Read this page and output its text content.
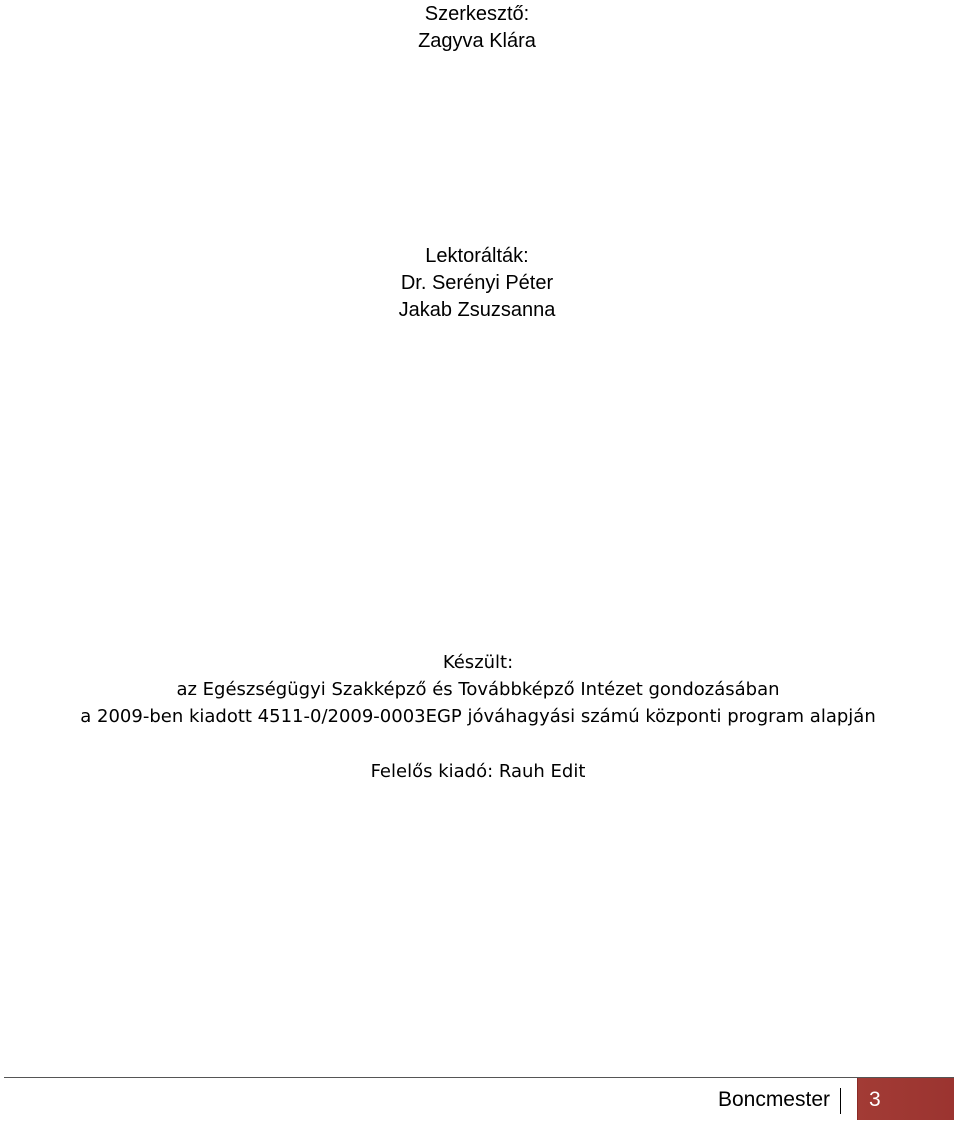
Szerkesztő:
Zagyva Klára
Lektorálták:
Dr. Serényi Péter
Jakab Zsuzsanna
Készült:
az Egészségügyi Szakképző és Továbbképző Intézet gondozásában
a 2009-ben kiadott 4511-0/2009-0003EGP jóváhagyási számú központi program alapján
Felelős kiadó: Rauh Edit
Boncmester 3
